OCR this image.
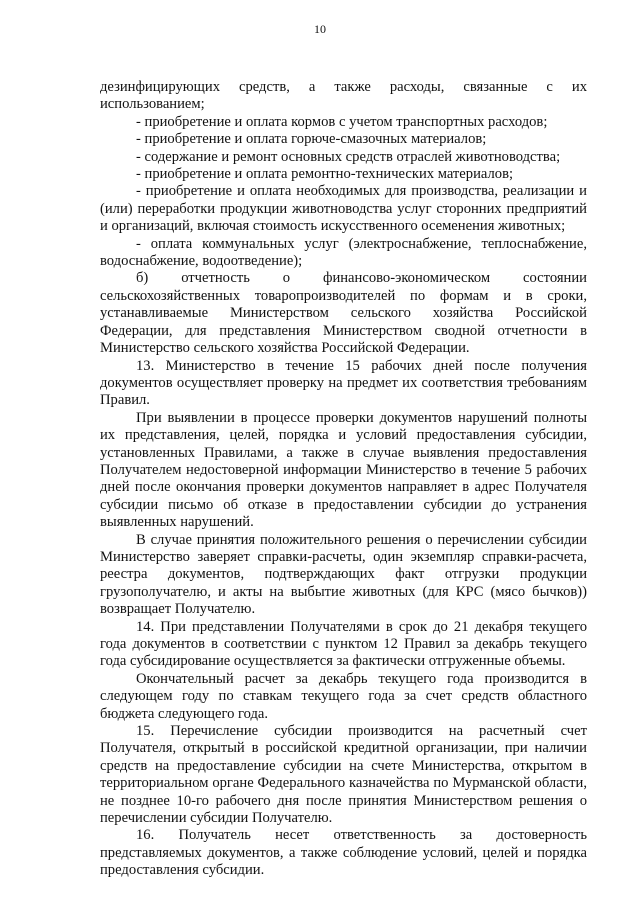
10

дезинфицирующих средств, а также расходы, связанные с их использованием;

- приобретение и оплата кормов с учетом транспортных расходов;

- приобретение и оплата горюче-смазочных материалов;

- содержание и ремонт основных средств отраслей животноводства;

- приобретение и оплата ремонтно-технических материалов;

- приобретение и оплата необходимых для производства, реализации и (или) переработки продукции животноводства услуг сторонних предприятий и организаций, включая стоимость искусственного осеменения животных;

- оплата коммунальных услуг (электроснабжение, теплоснабжение, водоснабжение, водоотведение);

б) отчетность о финансово-экономическом состоянии сельскохозяйственных товаропроизводителей по формам и в сроки, устанавливаемые Министерством сельского хозяйства Российской Федерации, для представления Министерством сводной отчетности в Министерство сельского хозяйства Российской Федерации.

13. Министерство в течение 15 рабочих дней после получения документов осуществляет проверку на предмет их соответствия требованиям Правил.

При выявлении в процессе проверки документов нарушений полноты их представления, целей, порядка и условий предоставления субсидии, установленных Правилами, а также в случае выявления предоставления Получателем недостоверной информации Министерство в течение 5 рабочих дней после окончания проверки документов направляет в адрес Получателя субсидии письмо об отказе в предоставлении субсидии до устранения выявленных нарушений.

В случае принятия положительного решения о перечислении субсидии Министерство заверяет справки-расчеты, один экземпляр справки-расчета, реестра документов, подтверждающих факт отгрузки продукции грузополучателю, и акты на выбытие животных (для КРС (мясо бычков)) возвращает Получателю.

14. При представлении Получателями в срок до 21 декабря текущего года документов в соответствии с пунктом 12 Правил за декабрь текущего года субсидирование осуществляется за фактически отгруженные объемы.

Окончательный расчет за декабрь текущего года производится в следующем году по ставкам текущего года за счет средств областного бюджета следующего года.

15. Перечисление субсидии производится на расчетный счет Получателя, открытый в российской кредитной организации, при наличии средств на предоставление субсидии на счете Министерства, открытом в территориальном органе Федерального казначейства по Мурманской области, не позднее 10-го рабочего дня после принятия Министерством решения о перечислении субсидии Получателю.

16. Получатель несет ответственность за достоверность представляемых документов, а также соблюдение условий, целей и порядка предоставления субсидии.
